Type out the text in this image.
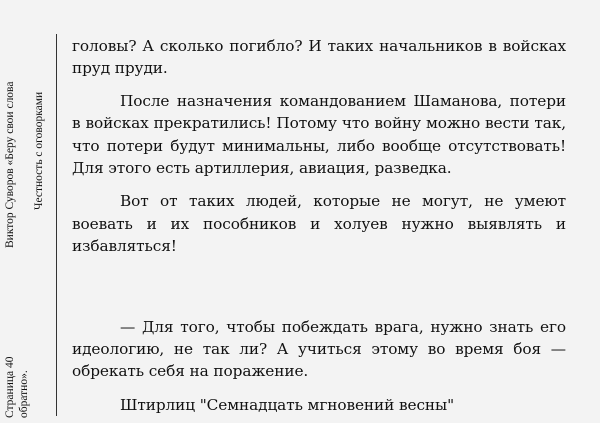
Страница 40 обратно».
Виктор Суворов «Беру свои слова Честность с оговорками

головы? А сколько погибло? И таких начальников в войсках пруд пруди.

После назначения командованием Шаманова, потери в войсках прекратились! Потому что войну можно вести так, что потери будут минимальны, либо вообще отсутствовать! Для этого есть артиллерия, авиация, разведка.

Вот от таких людей, которые не могут, не умеют воевать и их пособников и холуев нужно выявлять и избавляться!

— Для того, чтобы побеждать врага, нужно знать его идеологию, не так ли? А учиться этому во время боя — обрекать себя на поражение.

Штирлиц "Семнадцать мгновений весны"
